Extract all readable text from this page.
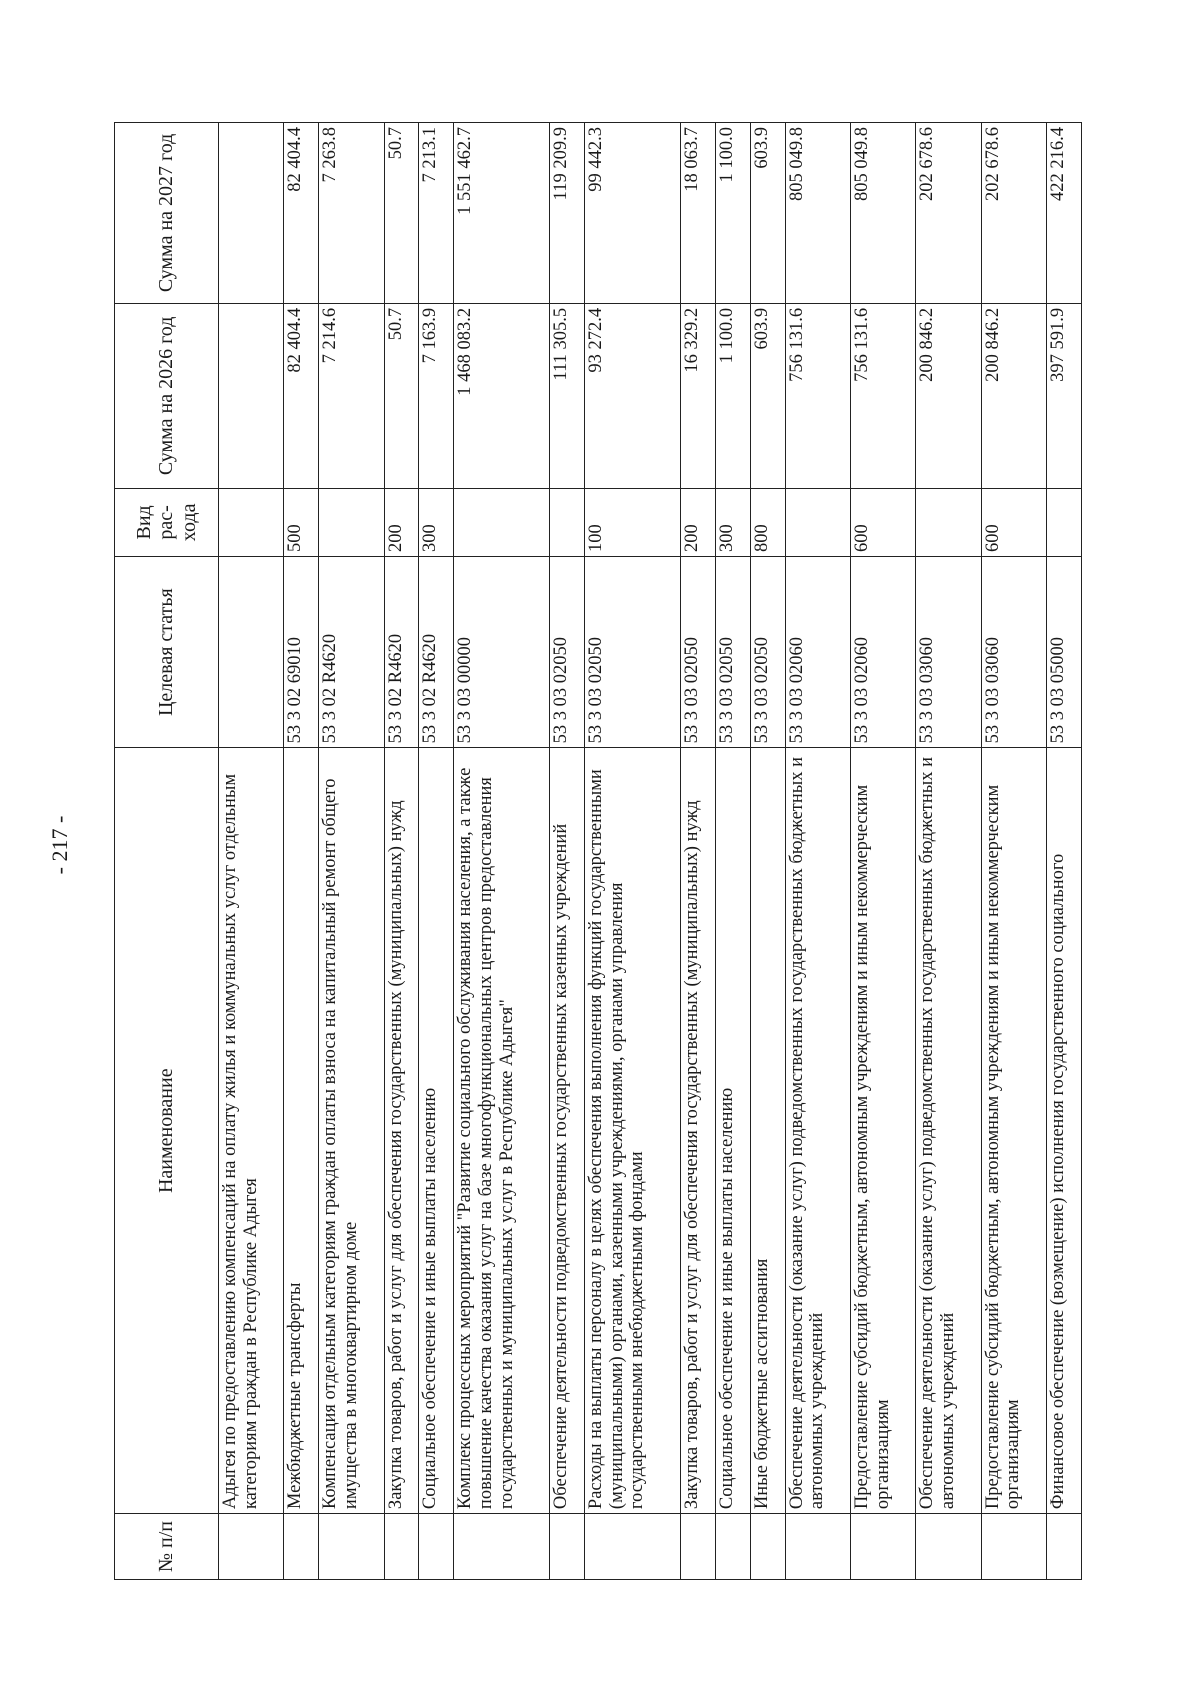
- 217 -
№ п/п	Наименование	Целевая статья	Вид рас-хода	Сумма на 2026 год	Сумма на 2027 год
	Адыгея по предоставлению компенсаций на оплату жилья и коммунальных услуг отдельным категориям граждан в Республике Адыгея				
	Межбюджетные трансферты	53 3 02 69010	500	82 404.4	82 404.4
	Компенсация отдельным категориям граждан оплаты взноса на капитальный ремонт общего имущества в многоквартирном доме	53 3 02 R4620		7 214.6	7 263.8
	Закупка товаров, работ и услуг для обеспечения государственных (муниципальных) нужд	53 3 02 R4620	200	50.7	50.7
	Социальное обеспечение и иные выплаты населению	53 3 02 R4620	300	7 163.9	7 213.1
	Комплекс процессных мероприятий "Развитие социального обслуживания населения, а также повышение качества оказания услуг на базе многофункциональных центров предоставления государственных и муниципальных услуг в Республике Адыгея"	53 3 03 00000		1 468 083.2	1 551 462.7
	Обеспечение деятельности подведомственных государственных казенных учреждений	53 3 03 02050		111 305.5	119 209.9
	Расходы на выплаты персоналу в целях обеспечения выполнения функций государственными (муниципальными) органами, казенными учреждениями, органами управления государственными внебюджетными фондами	53 3 03 02050	100	93 272.4	99 442.3
	Закупка товаров, работ и услуг для обеспечения государственных (муниципальных) нужд	53 3 03 02050	200	16 329.2	18 063.7
	Социальное обеспечение и иные выплаты населению	53 3 03 02050	300	1 100.0	1 100.0
	Иные бюджетные ассигнования	53 3 03 02050	800	603.9	603.9
	Обеспечение деятельности (оказание услуг) подведомственных государственных бюджетных и автономных учреждений	53 3 03 02060		756 131.6	805 049.8
	Предоставление субсидий бюджетным, автономным учреждениям и иным некоммерческим организациям	53 3 03 02060	600	756 131.6	805 049.8
	Обеспечение деятельности (оказание услуг) подведомственных государственных бюджетных и автономных учреждений	53 3 03 03060		200 846.2	202 678.6
	Предоставление субсидий бюджетным, автономным учреждениям и иным некоммерческим организациям	53 3 03 03060	600	200 846.2	202 678.6
	Финансовое обеспечение (возмещение) исполнения государственного социального	53 3 03 05000		397 591.9	422 216.4
